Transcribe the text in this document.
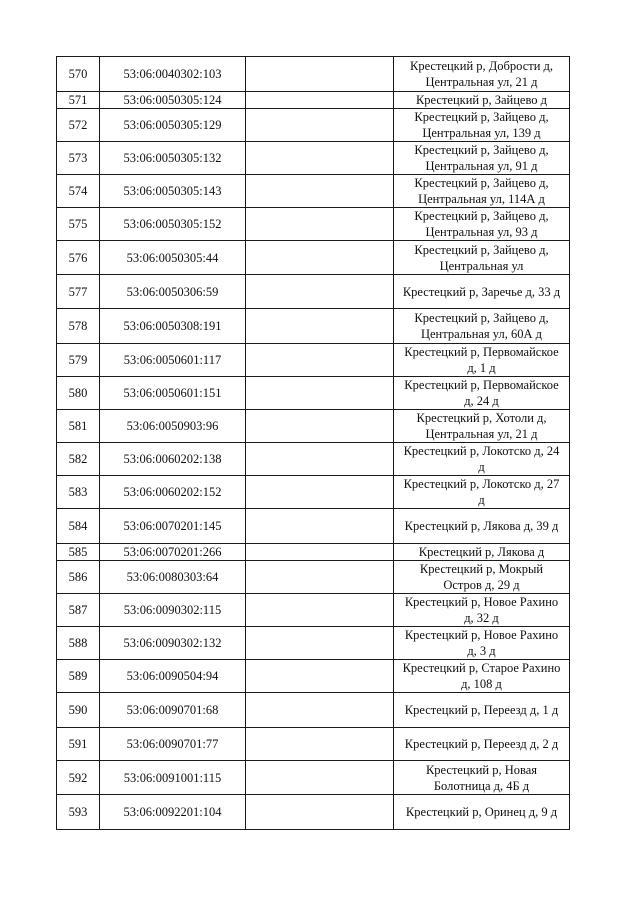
570	53:06:0040302:103		Крестецкий р, Добрости д,
Центральная ул, 21 д

571	53:06:0050305:124		Крестецкий р, Зайцево д

572	53:06:0050305:129		Крестецкий р, Зайцево д,
Центральная ул, 139 д

573	53:06:0050305:132		Крестецкий р, Зайцево д,
Центральная ул, 91 д

574	53:06:0050305:143		Крестецкий р, Зайцево д,
Центральная ул, 114А д

575	53:06:0050305:152		Крестецкий р, Зайцево д,
Центральная ул, 93 д

576	53:06:0050305:44		Крестецкий р, Зайцево д,
Центральная ул

577	53:06:0050306:59		Крестецкий р, Заречье д, 33 д

578	53:06:0050308:191		Крестецкий р, Зайцево д,
Центральная ул, 60А д

579	53:06:0050601:117		Крестецкий р, Первомайское
д, 1 д

580	53:06:0050601:151		Крестецкий р, Первомайское
д, 24 д

581	53:06:0050903:96		Крестецкий р, Хотоли д,
Центральная ул, 21 д

582	53:06:0060202:138		Крестецкий р, Локотско д, 24
д

583	53:06:0060202:152		Крестецкий р, Локотско д, 27
д

584	53:06:0070201:145		Крестецкий р, Лякова д, 39 д

585	53:06:0070201:266		Крестецкий р, Лякова д

586	53:06:0080303:64		Крестецкий р, Мокрый
Остров д, 29 д

587	53:06:0090302:115		Крестецкий р, Новое Рахино
д, 32 д

588	53:06:0090302:132		Крестецкий р, Новое Рахино
д, 3 д

589	53:06:0090504:94		Крестецкий р, Старое Рахино
д, 108 д

590	53:06:0090701:68		Крестецкий р, Переезд д, 1 д

591	53:06:0090701:77		Крестецкий р, Переезд д, 2 д

592	53:06:0091001:115		Крестецкий р, Новая
Болотница д, 4Б д

593	53:06:0092201:104		Крестецкий р, Оринец д, 9 д
